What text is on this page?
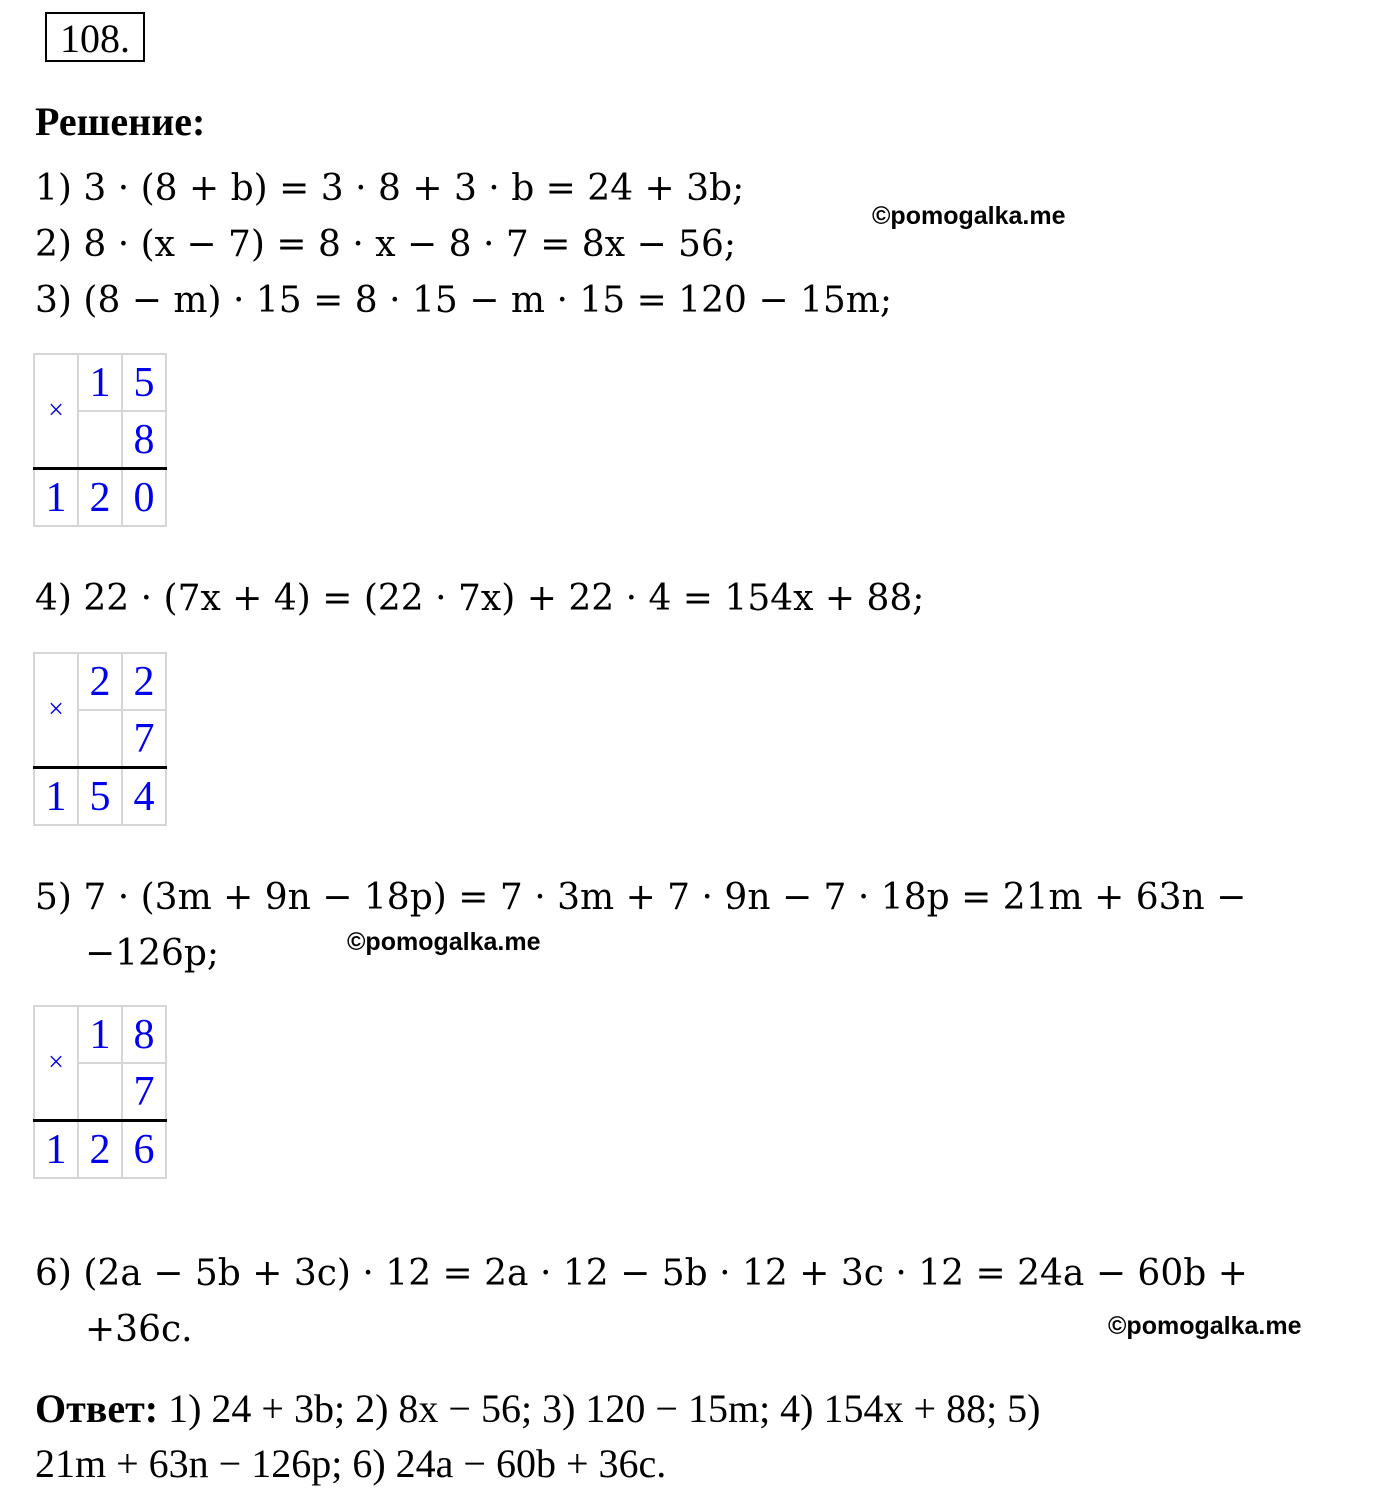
108.
Решение:
1) 3 · (8 + b) = 3 · 8 + 3 · b = 24 + 3b;
©pomogalka.me
2) 8 · (x − 7) = 8 · x − 8 · 7 = 8x − 56;
3) (8 − m) · 15 = 8 · 15 − m · 15 = 120 − 15m;
×	1	5
		8
1	2	0
4) 22 · (7x + 4) = (22 · 7x) + 22 · 4 = 154x + 88;
×	2	2
		7
1	5	4
5) 7 · (3m + 9n − 18p) = 7 · 3m + 7 · 9n − 7 · 18p = 21m + 63n −
−126p;	©pomogalka.me
×	1	8
		7
1	2	6
6) (2a − 5b + 3c) · 12 = 2a · 12 − 5b · 12 + 3c · 12 = 24a − 60b +
+36c.	©pomogalka.me
Ответ: 1) 24 + 3b; 2) 8x − 56; 3) 120 − 15m; 4) 154x + 88; 5)
21m + 63n − 126p; 6) 24a − 60b + 36c.
